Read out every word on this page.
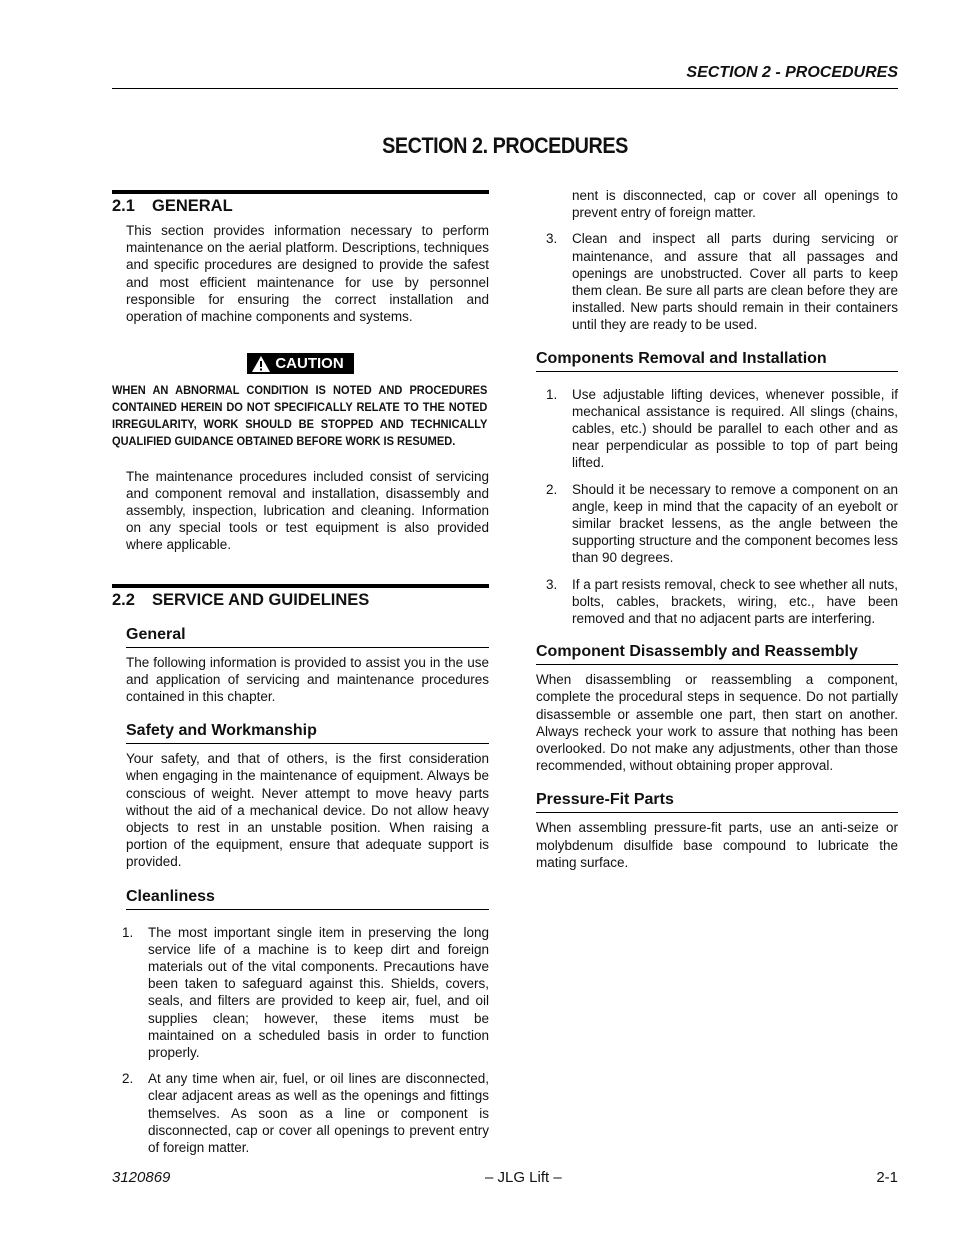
SECTION 2 - PROCEDURES
SECTION 2. PROCEDURES
2.1	GENERAL

This section provides information necessary to perform maintenance on the aerial platform. Descriptions, techniques and specific procedures are designed to provide the safest and most efficient maintenance for use by personnel responsible for ensuring the correct installation and operation of machine components and systems.

CAUTION
WHEN AN ABNORMAL CONDITION IS NOTED AND PROCEDURES CONTAINED HEREIN DO NOT SPECIFICALLY RELATE TO THE NOTED IRREGULARITY, WORK SHOULD BE STOPPED AND TECHNICALLY QUALIFIED GUIDANCE OBTAINED BEFORE WORK IS RESUMED.

The maintenance procedures included consist of servicing and component removal and installation, disassembly and assembly, inspection, lubrication and cleaning. Information on any special tools or test equipment is also provided where applicable.

2.2	SERVICE AND GUIDELINES
General

The following information is provided to assist you in the use and application of servicing and maintenance procedures contained in this chapter.

Safety and Workmanship

Your safety, and that of others, is the first consideration when engaging in the maintenance of equipment. Always be conscious of weight. Never attempt to move heavy parts without the aid of a mechanical device. Do not allow heavy objects to rest in an unstable position. When raising a portion of the equipment, ensure that adequate support is provided.

Cleanliness
1.	The most important single item in preserving the long service life of a machine is to keep dirt and foreign materials out of the vital components. Precautions have been taken to safeguard against this. Shields, covers, seals, and filters are provided to keep air, fuel, and oil supplies clean; however, these items must be maintained on a scheduled basis in order to function properly.

2.	At any time when air, fuel, or oil lines are disconnected, clear adjacent areas as well as the openings and fittings themselves. As soon as a line or component is disconnected, cap or cover all openings to prevent entry of foreign matter.

nent is disconnected, cap or cover all openings to prevent entry of foreign matter.

3.	Clean and inspect all parts during servicing or maintenance, and assure that all passages and openings are unobstructed. Cover all parts to keep them clean. Be sure all parts are clean before they are installed. New parts should remain in their containers until they are ready to be used.

Components Removal and Installation
1.	Use adjustable lifting devices, whenever possible, if mechanical assistance is required. All slings (chains, cables, etc.) should be parallel to each other and as near perpendicular as possible to top of part being lifted.

2.	Should it be necessary to remove a component on an angle, keep in mind that the capacity of an eyebolt or similar bracket lessens, as the angle between the supporting structure and the component becomes less than 90 degrees.

3.	If a part resists removal, check to see whether all nuts, bolts, cables, brackets, wiring, etc., have been removed and that no adjacent parts are interfering.

Component Disassembly and Reassembly

When disassembling or reassembling a component, complete the procedural steps in sequence. Do not partially disassemble or assemble one part, then start on another. Always recheck your work to assure that nothing has been overlooked. Do not make any adjustments, other than those recommended, without obtaining proper approval.

Pressure-Fit Parts

When assembling pressure-fit parts, use an anti-seize or molybdenum disulfide base compound to lubricate the mating surface.

3120869	– JLG Lift –	2-1
